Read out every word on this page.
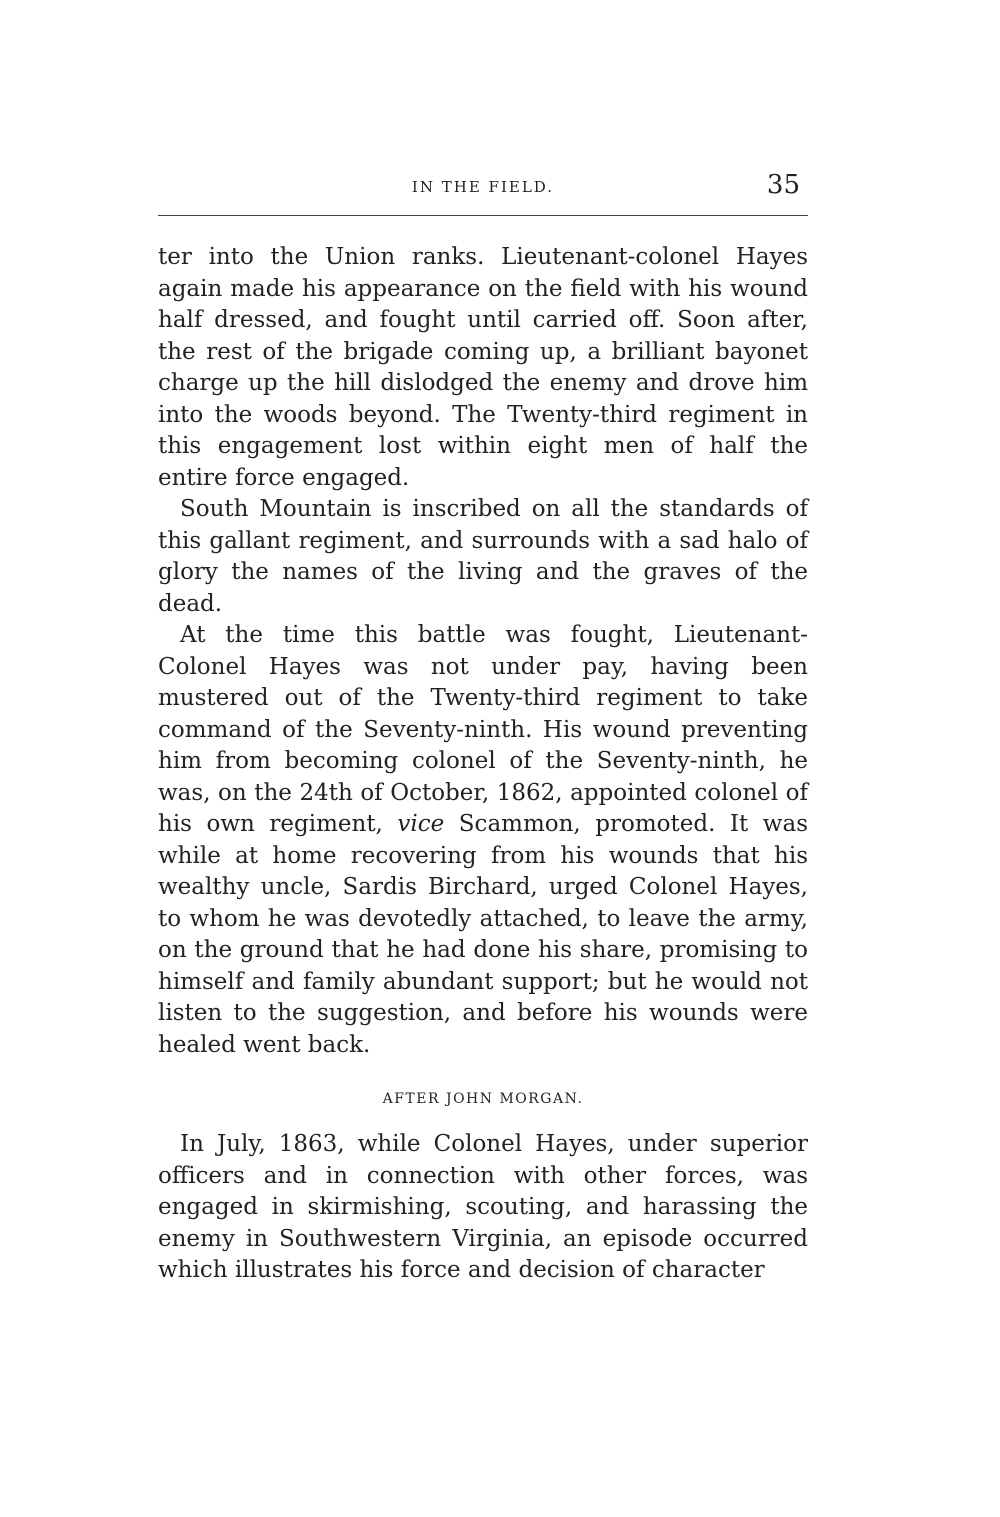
IN THE FIELD.	35

ter into the Union ranks. Lieutenant-colonel Hayes again made his appearance on the field with his wound half dressed, and fought until carried off. Soon after, the rest of the brigade coming up, a brilliant bayonet charge up the hill dislodged the enemy and drove him into the woods beyond. The Twenty-third regiment in this engagement lost within eight men of half the entire force engaged.

South Mountain is inscribed on all the standards of this gallant regiment, and surrounds with a sad halo of glory the names of the living and the graves of the dead.

At the time this battle was fought, Lieutenant-Colonel Hayes was not under pay, having been mustered out of the Twenty-third regiment to take command of the Seventy-ninth. His wound preventing him from becoming colonel of the Seventy-ninth, he was, on the 24th of October, 1862, appointed colonel of his own regiment, vice Scammon, promoted. It was while at home recovering from his wounds that his wealthy uncle, Sardis Birchard, urged Colonel Hayes, to whom he was devotedly attached, to leave the army, on the ground that he had done his share, promising to himself and family abundant support; but he would not listen to the suggestion, and before his wounds were healed went back.

AFTER JOHN MORGAN.

In July, 1863, while Colonel Hayes, under superior officers and in connection with other forces, was engaged in skirmishing, scouting, and harassing the enemy in Southwestern Virginia, an episode occurred which illustrates his force and decision of character
